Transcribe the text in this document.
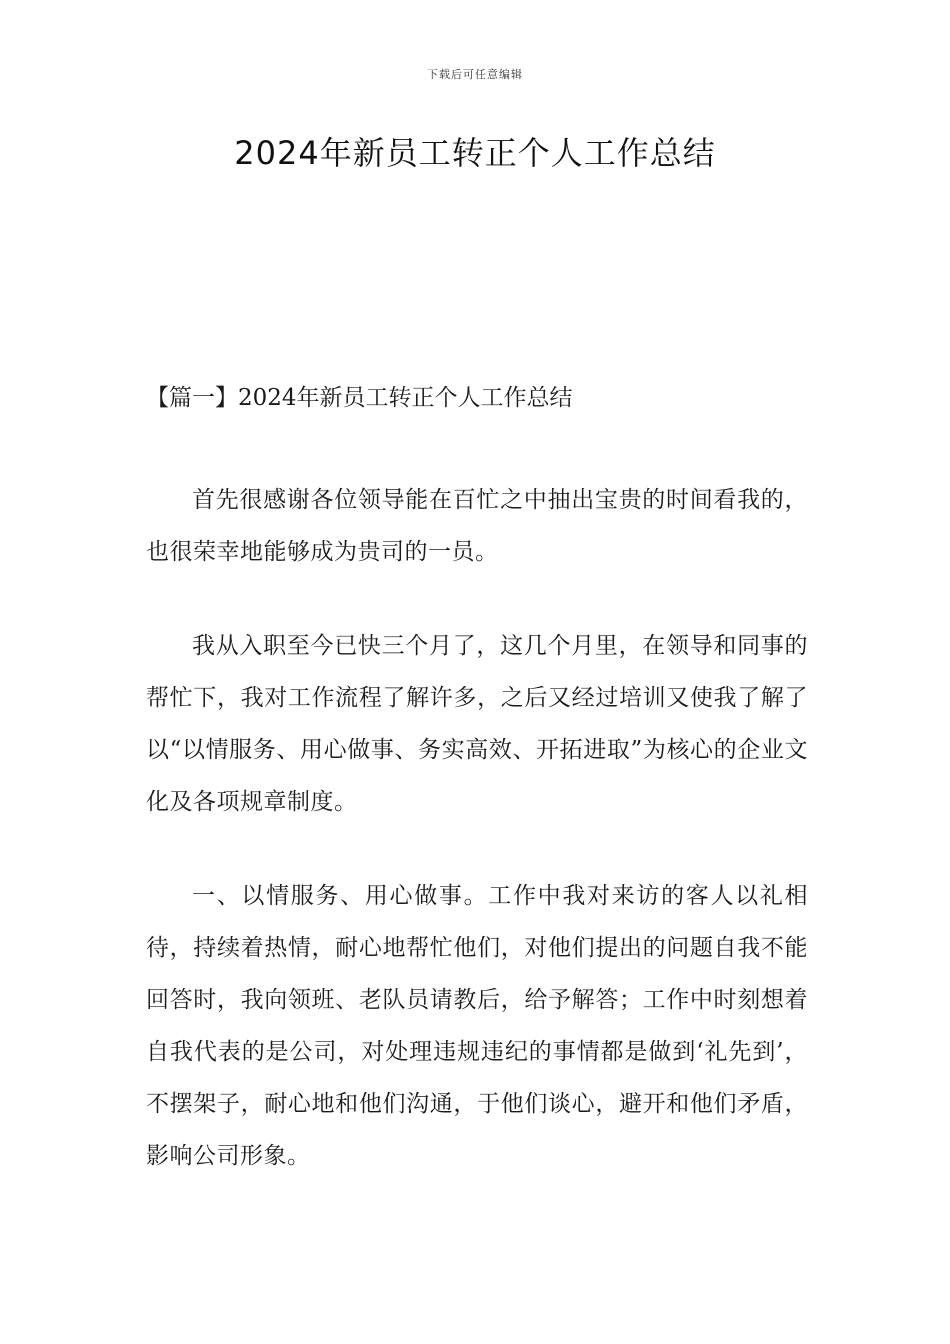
下载后可任意编辑
2024年新员工转正个人工作总结
【篇一】2024年新员工转正个人工作总结

首先很感谢各位领导能在百忙之中抽出宝贵的时间看我的，也很荣幸地能够成为贵司的一员。

我从入职至今已快三个月了，这几个月里，在领导和同事的帮忙下，我对工作流程了解许多，之后又经过培训又使我了解了以“以情服务、用心做事、务实高效、开拓进取”为核心的企业文化及各项规章制度。

一、以情服务、用心做事。工作中我对来访的客人以礼相待，持续着热情，耐心地帮忙他们，对他们提出的问题自我不能回答时，我向领班、老队员请教后，给予解答；工作中时刻想着自我代表的是公司，对处理违规违纪的事情都是做到‘礼先到’，不摆架子，耐心地和他们沟通，于他们谈心，避开和他们矛盾，影响公司形象。
